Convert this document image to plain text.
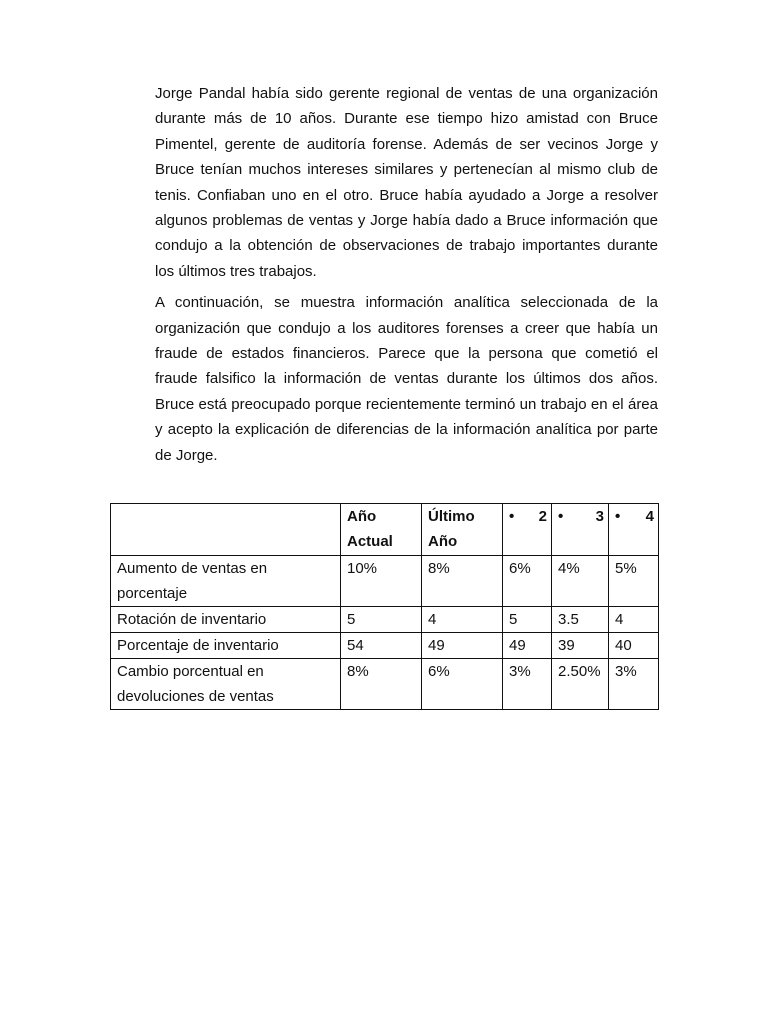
Jorge Pandal había sido gerente regional de ventas de una organización durante más de 10 años. Durante ese tiempo hizo amistad con Bruce Pimentel, gerente de auditoría forense. Además de ser vecinos Jorge y Bruce tenían muchos intereses similares y pertenecían al mismo club de tenis. Confiaban uno en el otro. Bruce había ayudado a Jorge a resolver algunos problemas de ventas y Jorge había dado a Bruce información que condujo a la obtención de observaciones de trabajo importantes durante los últimos tres trabajos.

A continuación, se muestra información analítica seleccionada de la organización que condujo a los auditores forenses a creer que había un fraude de estados financieros. Parece que la persona que cometió el fraude falsifico la información de ventas durante los últimos dos años. Bruce está preocupado porque recientemente terminó un trabajo en el área y acepto la explicación de diferencias de la información analítica por parte de Jorge.

	Año Actual	Último Año	• 2	• 3	• 4

Aumento de ventas en porcentaje	10%	8%	6%	4%	5%
Rotación de inventario	5	4	5	3.5	4
Porcentaje de inventario	54	49	49	39	40
Cambio porcentual en devoluciones de ventas	8%	6%	3%	2.50%	3%
